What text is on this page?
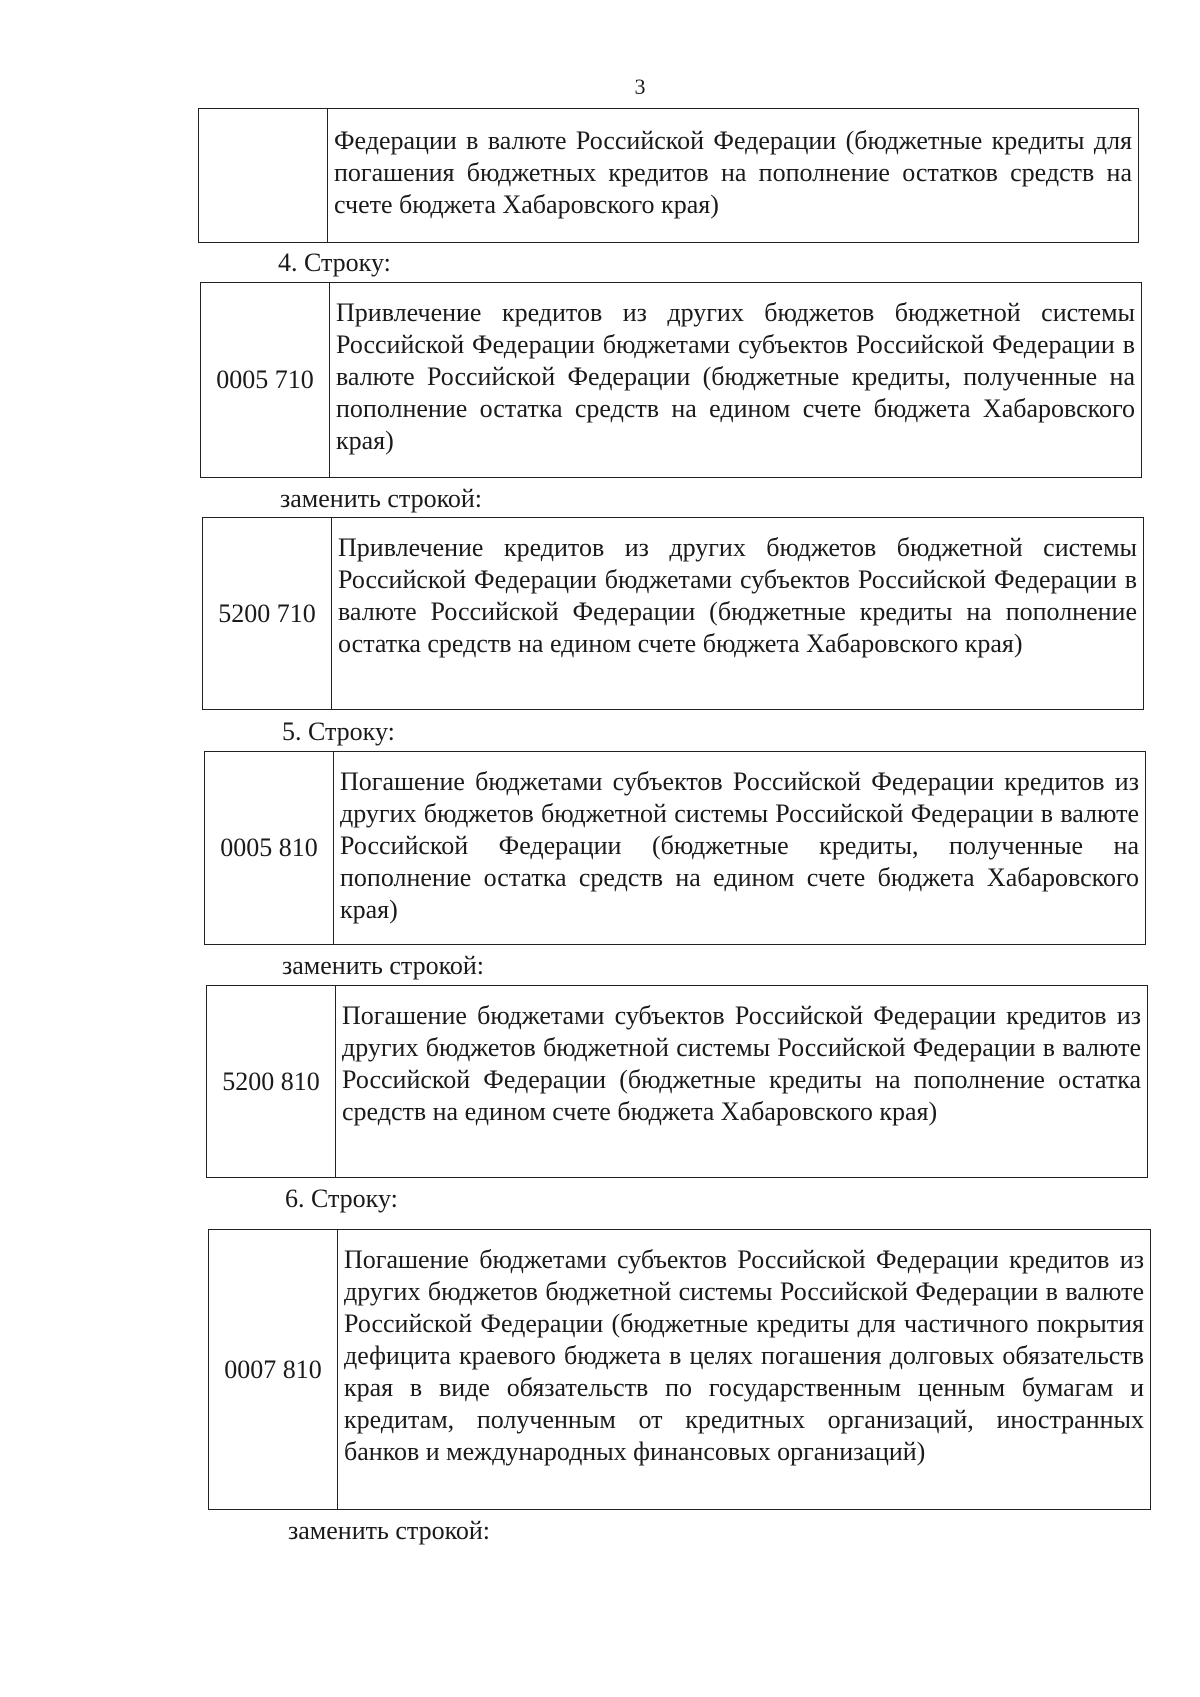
3
Федерации в валюте Российской Федерации (бюджетные кредиты для погашения бюджетных кредитов на пополнение остатков средств на счете бюджета Хабаровского края)
4. Строку:
0005 710
Привлечение кредитов из других бюджетов бюджетной системы Российской Федерации бюджетами субъектов Российской Федерации в валюте Российской Федерации (бюджетные кредиты, полученные на пополнение остатка средств на едином счете бюджета Хабаровского края)
заменить строкой:
5200 710
Привлечение кредитов из других бюджетов бюджетной системы Российской Федерации бюджетами субъектов Российской Федерации в валюте Российской Федерации (бюджетные кредиты на пополнение остатка средств на едином счете бюджета Хабаровского края)
5. Строку:
0005 810
Погашение бюджетами субъектов Российской Федерации кредитов из других бюджетов бюджетной системы Российской Федерации в валюте Российской Федерации (бюджетные кредиты, полученные на пополнение остатка средств на едином счете бюджета Хабаровского края)
заменить строкой:
5200 810
Погашение бюджетами субъектов Российской Федерации кредитов из других бюджетов бюджетной системы Российской Федерации в валюте Российской Федерации (бюджетные кредиты на пополнение остатка средств на едином счете бюджета Хабаровского края)
6. Строку:
0007 810
Погашение бюджетами субъектов Российской Федерации кредитов из других бюджетов бюджетной системы Российской Федерации в валюте Российской Федерации (бюджетные кредиты для частичного покрытия дефицита краевого бюджета в целях погашения долговых обязательств края в виде обязательств по государственным ценным бумагам и кредитам, полученным от кредитных организаций, иностранных банков и международных финансовых организаций)
заменить строкой:
